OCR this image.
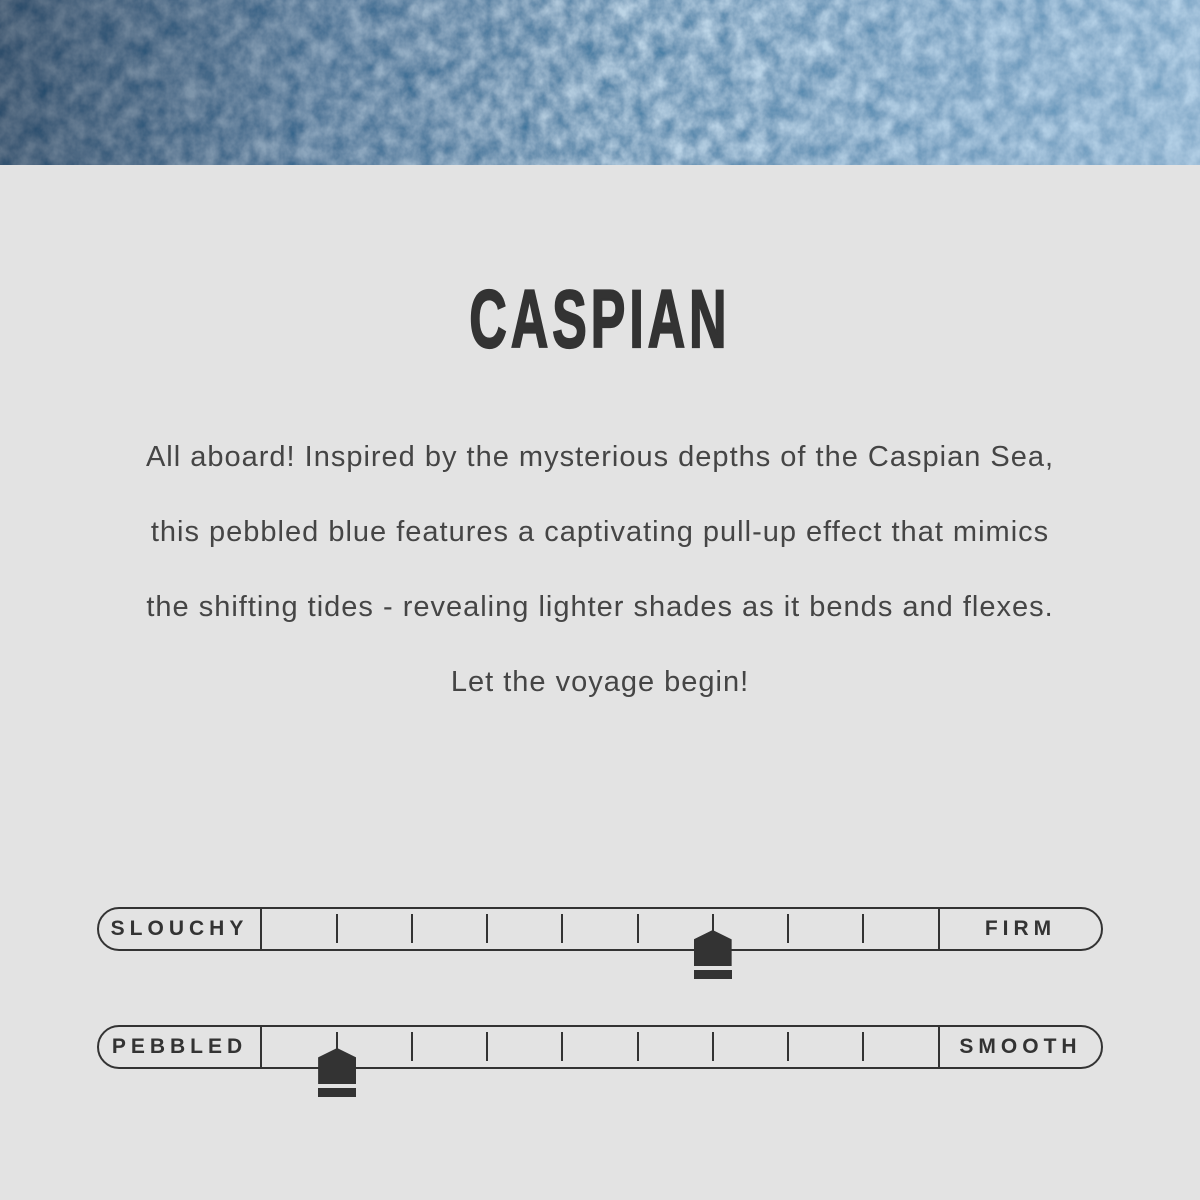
CASPIAN

All aboard! Inspired by the mysterious depths of the Caspian Sea,

this pebbled blue features a captivating pull-up effect that mimics

the shifting tides - revealing lighter shades as it bends and flexes.

Let the voyage begin!

SLOUCHY	FIRM
PEBBLED	SMOOTH
